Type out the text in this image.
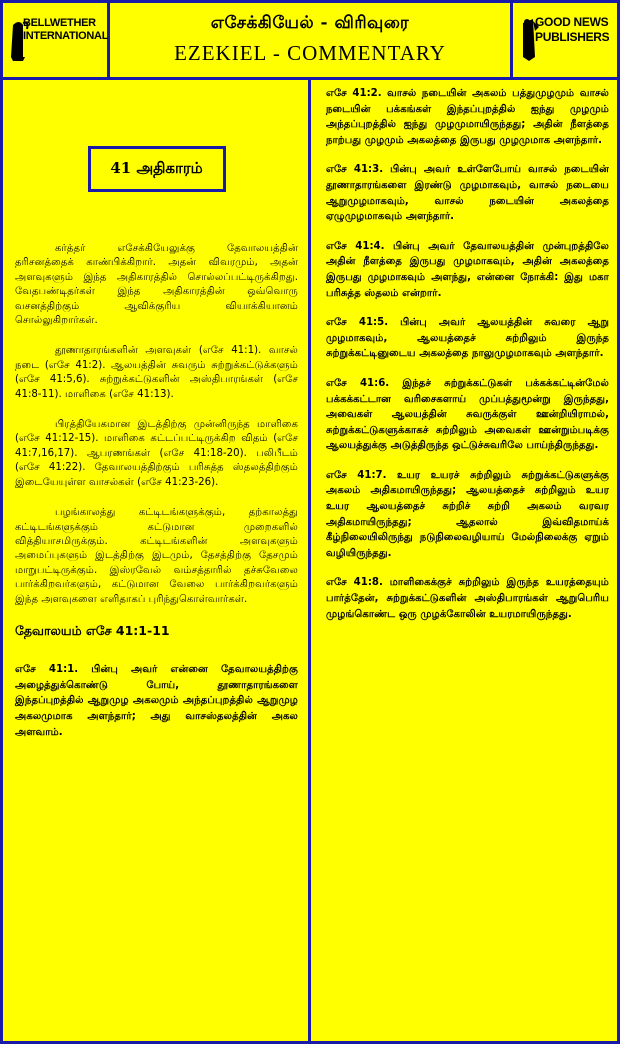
BELLWETHER
INTERNATIONAL
எசேக்கியேல் - விரிவுரை
EZEKIEL - COMMENTARY
GOOD NEWS
PUBLISHERS
41 அதிகாரம்

கர்த்தர் எசேக்கியேலுக்கு தேவாலயத்தின் தரிசனத்தைக் காண்பிக்கிறார். அதன் விவரமும், அதன் அளவுகளும் இந்த அதிகாரத்தில் சொல்லப்பட்டிருக்கிறது. வேதபண்டிதர்கள் இந்த அதிகாரத்தின் ஒவ்வொரு வசனத்திற்கும் ஆவிக்குரிய வியாக்கியானம் சொல்லுகிறார்கள்.

தூணாதாரங்களின் அளவுகள் (எசே 41:1). வாசல் நடை (எசே 41:2). ஆலயத்தின் சுவரும் சுற்றுக்கட்டுக்களும் (எசே 41:5,6). சுற்றுக்கட்டுகளின் அஸ்திபாரங்கள் (எசே 41:8-11). மாளிகை (எசே 41:13).

பிரத்தியேகமான இடத்திற்கு முன்னிருந்த மாளிகை (எசே 41:12-15). மாளிகை கட்டப்பட்டிருக்கிற விதம் (எசே 41:7,16,17). ஆபரணங்கள் (எசே 41:18-20). பலிபீடம் (எசே 41:22). தேவாலயத்திற்கும் பரிசுத்த ஸ்தலத்திற்கும் இடையேயுள்ள வாசல்கள் (எசே 41:23-26).

பழங்காலத்து கட்டிடங்களுக்கும், தற்காலத்து கட்டிடங்களுக்கும் கட்டுமான முறைகளில் வித்தியாசமிருக்கும். கட்டிடங்களின் அளவுகளும் அமைப்புகளும் இடத்திற்கு இடமும், தேசத்திற்கு தேசமும் மாறுபட்டிருக்கும். இஸ்ரவேல் வம்சத்தாரில் தச்சுவேலை பார்க்கிறவர்களும், கட்டுமான வேலை பார்க்கிறவர்களும் இந்த அளவுகளை எளிதாகப் புரிந்துகொள்வார்கள்.

தேவாலயம் எசே 41:1-11

எசே 41:1. பின்பு அவர் என்னை தேவாலயத்திற்கு அழைத்துக்கொண்டு போய், தூணாதாரங்களை இந்தப்புறத்தில் ஆறுமுழ அகலமும் அந்தப்புறத்தில் ஆறுமுழ அகலமுமாக அளந்தார்; அது வாசஸ்தலத்தின் அகல அளவாம்.

எசே 41:2. வாசல் நடையின் அகலம் பத்துமுழமும் வாசல் நடையின் பக்கங்கள் இந்தப்புறத்தில் ஐந்து முழமும் அந்தப்புறத்தில் ஐந்து முழமுமாயிருந்தது; அதின் நீளத்தை நாற்பது முழமும் அகலத்தை இருபது முழமுமாக அளந்தார்.

எசே 41:3. பின்பு அவர் உள்ளேபோய் வாசல் நடையின் தூணாதாரங்களை இரண்டு முழமாகவும், வாசல் நடையை ஆறுமுழமாகவும், வாசல் நடையின் அகலத்தை ஏழுமுழமாகவும் அளந்தார்.

எசே 41:4. பின்பு அவர் தேவாலயத்தின் முன்புறத்திலே அதின் நீளத்தை இருபது முழமாகவும், அதின் அகலத்தை இருபது முழமாகவும் அளந்து, என்னை நோக்கி: இது மகா பரிசுத்த ஸ்தலம் என்றார்.

எசே 41:5. பின்பு அவர் ஆலயத்தின் சுவரை ஆறு முழமாகவும், ஆலயத்தைச் சுற்றிலும் இருந்த சுற்றுக்கட்டினுடைய அகலத்தை நாலுமுழமாகவும் அளந்தார்.

எசே 41:6. இந்தச் சுற்றுக்கட்டுகள் பக்கக்கட்டின்மேல் பக்கக்கட்டான வரிசைகளாய் முப்பத்துமூன்று இருந்தது, அவைகள் ஆலயத்தின் சுவருக்குள் ஊன்றியிராமல், சுற்றுக்கட்டுகளுக்காகச் சுற்றிலும் அவைகள் ஊன்றும்படிக்கு ஆலயத்துக்கு அடுத்திருந்த ஒட்டுச்சுவரிலே பாய்ந்திருந்தது.

எசே 41:7. உயர உயரச் சுற்றிலும் சுற்றுக்கட்டுகளுக்கு அகலம் அதிகமாயிருந்தது; ஆலயத்தைச் சுற்றிலும் உயர உயர ஆலயத்தைச் சுற்றிச் சுற்றி அகலம் வரவர அதிகமாயிருந்தது; ஆதலால் இவ்விதமாய்க் கீழ்நிலையிலிருந்து நடுநிலைவழியாய் மேல்நிலைக்கு ஏறும் வழியிருந்தது.

எசே 41:8. மாளிகைக்குச் சுற்றிலும் இருந்த உயரத்தையும் பார்த்தேன், சுற்றுக்கட்டுகளின் அஸ்திபாரங்கள் ஆறுபெரிய முழங்கொண்ட ஒரு முழக்கோலின் உயரமாயிருந்தது.
